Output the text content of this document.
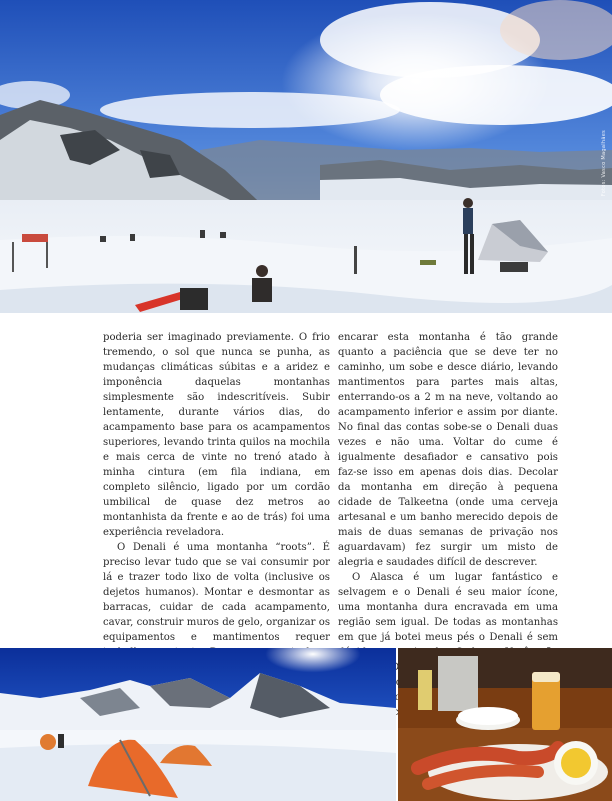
Fotos: Vasco Magalhães

poderia ser imaginado previamente. O frio tremendo, o sol que nunca se punha, as mudanças climáticas súbitas e a aridez e imponência daquelas montanhas simplesmente são indescritíveis. Subir lentamente, durante vários dias, do acampamento base para os acampamentos superiores, levando trinta quilos na mochila e mais cerca de vinte no trenó atado à minha cintura (em fila indiana, em completo silêncio, ligado por um cordão umbilical de quase dez metros ao montanhista da frente e ao de trás) foi uma experiência reveladora.

O Denali é uma montanha “roots”. É preciso levar tudo que se vai consumir por lá e trazer todo lixo de volta (inclusive os dejetos humanos). Montar e desmontar as barracas, cuidar de cada acampamento, cavar, construir muros de gelo, organizar os equipamentos e mantimentos requer

encarar esta montanha é tão grande quanto a paciência que se deve ter no caminho, um sobe e desce diário, levando mantimentos para partes mais altas, enterrando-os a 2 m na neve, voltando ao acampamento inferior e assim por diante. No final das contas sobe-se o Denali duas vezes e não uma. Voltar do cume é igualmente desafiador e cansativo pois faz-se isso em apenas dois dias. Decolar da montanha em direção à pequena cidade de Talkeetna (onde uma cerveja artesanal e um banho merecido depois de mais de duas semanas de privação nos aguardavam) fez surgir um misto de alegria e saudades difícil de descrever.

O Alasca é um lugar fantástico e selvagem e o Denali é seu maior ícone, uma montanha dura encravada em uma região sem igual. De todas as montanhas em que já botei meus pés o Denali é sem
